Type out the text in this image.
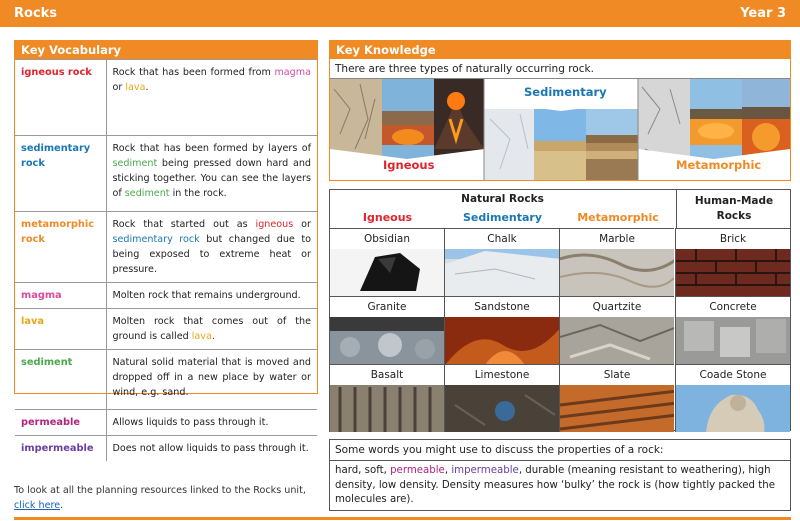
Rocks	Year 3
Key Vocabulary
igneous rock	Rock that has been formed from magma or lava.
sedimentary rock	Rock that has been formed by layers of sediment being pressed down hard and sticking together. You can see the layers of sediment in the rock.
metamorphic rock	Rock that started out as igneous or sedimentary rock but changed due to being exposed to extreme heat or pressure.
magma	Molten rock that remains underground.
lava	Molten rock that comes out of the ground is called lava.
sediment	Natural solid material that is moved and dropped off in a new place by water or wind, e.g. sand.
permeable	Allows liquids to pass through it.
impermeable	Does not allow liquids to pass through it.
To look at all the planning resources linked to the Rocks unit, click here.
Key Knowledge
There are three types of naturally occurring rock.
Igneous
Sedimentary
Metamorphic
Natural Rocks	Human-Made Rocks
Igneous	Sedimentary	Metamorphic
Obsidian	Chalk	Marble	Brick
Granite	Sandstone	Quartzite	Concrete
Basalt	Limestone	Slate	Coade Stone
Some words you might use to discuss the properties of a rock:
hard, soft, permeable, impermeable, durable (meaning resistant to weathering), high density, low density. Density measures how ‘bulky’ the rock is (how tightly packed the molecules are).
